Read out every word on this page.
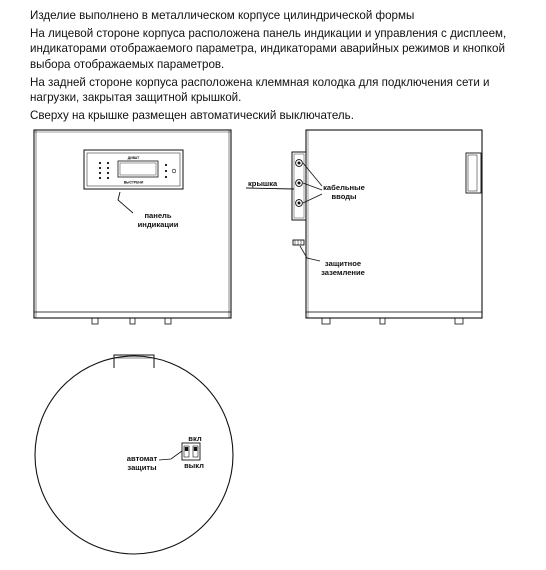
Изделие выполнено в металлическом корпусе цилиндрической формы

На лицевой стороне корпуса расположена панель индикации и управления с дисплеем, индикаторами отображаемого параметра, индикаторами аварийных режимов и кнопкой выбора отображаемых параметров.

На задней стороне корпуса расположена клеммная колодка для подключения сети и нагрузки, закрытая защитной крышкой.

Сверху на крышке размещен автоматический выключатель.

ДИВАТ
ВЫСТРЕНИ
панель
индикации
крышка	кабельные
вводы
защитное
заземление
вкл
выкл
автомат
защиты
